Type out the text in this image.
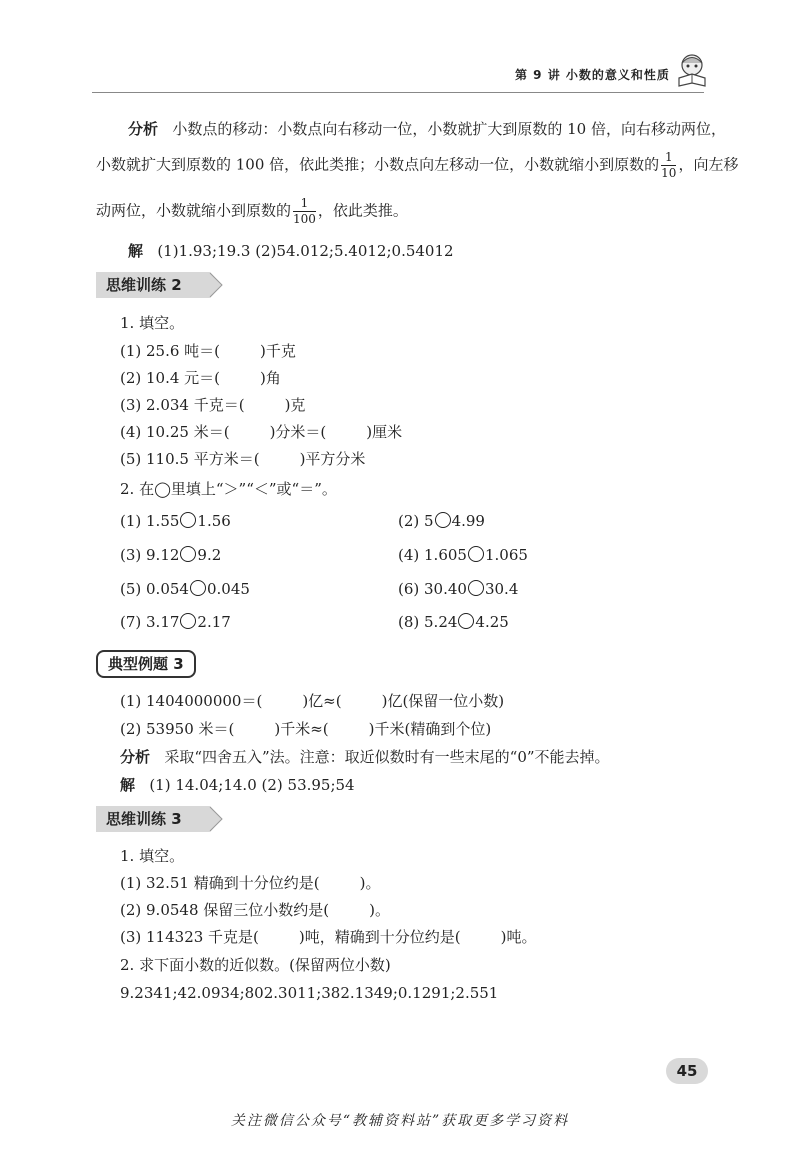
第 9 讲 小数的意义和性质
分析 小数点的移动：小数点向右移动一位，小数就扩大到原数的 10 倍，向右移动两位，
小数就扩大到原数的 100 倍，依此类推；小数点向左移动一位，小数就缩小到原数的 $\frac{1}{10}$ ，向左移
动两位，小数就缩小到原数的 $\frac{1}{100}$ ，依此类推。
解 (1)1.93;19.3 (2)54.012;5.4012;0.54012
思维训练 2
1. 填空。
(1) 25.6 吨＝(	)千克
(2) 10.4 元＝(	)角
(3) 2.034 千克＝(	)克
(4) 10.25 米＝(	)分米＝(	)厘米
(5) 110.5 平方米＝(	)平方分米
2. 在◯里填上“＞”“＜”或“＝”。
(1) 1.55 1.56	(2) 5 4.99
(3) 9.12 9.2	(4) 1.605 1.065
(5) 0.054 0.045	(6) 30.40 30.4
(7) 3.17 2.17	(8) 5.24 4.25
典型例题 3
(1) 1404000000＝(	)亿≈(	)亿(保留一位小数)
(2) 53950 米＝(	)千米≈(	)千米(精确到个位)
分析 采取“四舍五入”法。注意：取近似数时有一些末尾的“0”不能去掉。
解 (1) 14.04;14.0 (2) 53.95;54
思维训练 3
1. 填空。
(1) 32.51 精确到十分位约是(	)。
(2) 9.0548 保留三位小数约是(	)。
(3) 114323 千克是(	)吨，精确到十分位约是(	)吨。
2. 求下面小数的近似数。(保留两位小数)
9.2341;42.0934;802.3011;382.1349;0.1291;2.551
45
关注微信公众号“教辅资料站”获取更多学习资料
